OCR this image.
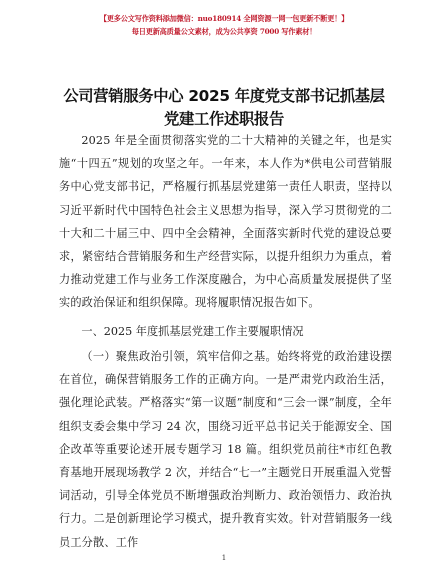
【更多公文写作资料添加微信：nuo180914 全网资源一网一包更新不断更！】
每日更新高质量公文素材，成为公共享资 7000 写作素材！
公司营销服务中心 2025 年度党支部书记抓基层
党建工作述职报告

2025 年是全面贯彻落实党的二十大精神的关键之年，也是实施“十四五”规划的攻坚之年。一年来，本人作为*供电公司营销服务中心党支部书记，严格履行抓基层党建第一责任人职责，坚持以习近平新时代中国特色社会主义思想为指导，深入学习贯彻党的二十大和二十届三中、四中全会精神，全面落实新时代党的建设总要求，紧密结合营销服务和生产经营实际，以提升组织力为重点，着力推动党建工作与业务工作深度融合，为中心高质量发展提供了坚实的政治保证和组织保障。现将履职情况报告如下。

一、2025 年度抓基层党建工作主要履职情况

（一）聚焦政治引领，筑牢信仰之基。始终将党的政治建设摆在首位，确保营销服务工作的正确方向。一是严肃党内政治生活，强化理论武装。严格落实“第一议题”制度和“三会一课”制度，全年组织支委会集中学习 24 次，围绕习近平总书记关于能源安全、国企改革等重要论述开展专题学习 18 篇。组织党员前往*市红色教育基地开展现场教学 2 次，并结合“七一”主题党日开展重温入党誓词活动，引导全体党员不断增强政治判断力、政治领悟力、政治执行力。二是创新理论学习模式，提升教育实效。针对营销服务一线员工分散、工作

1
